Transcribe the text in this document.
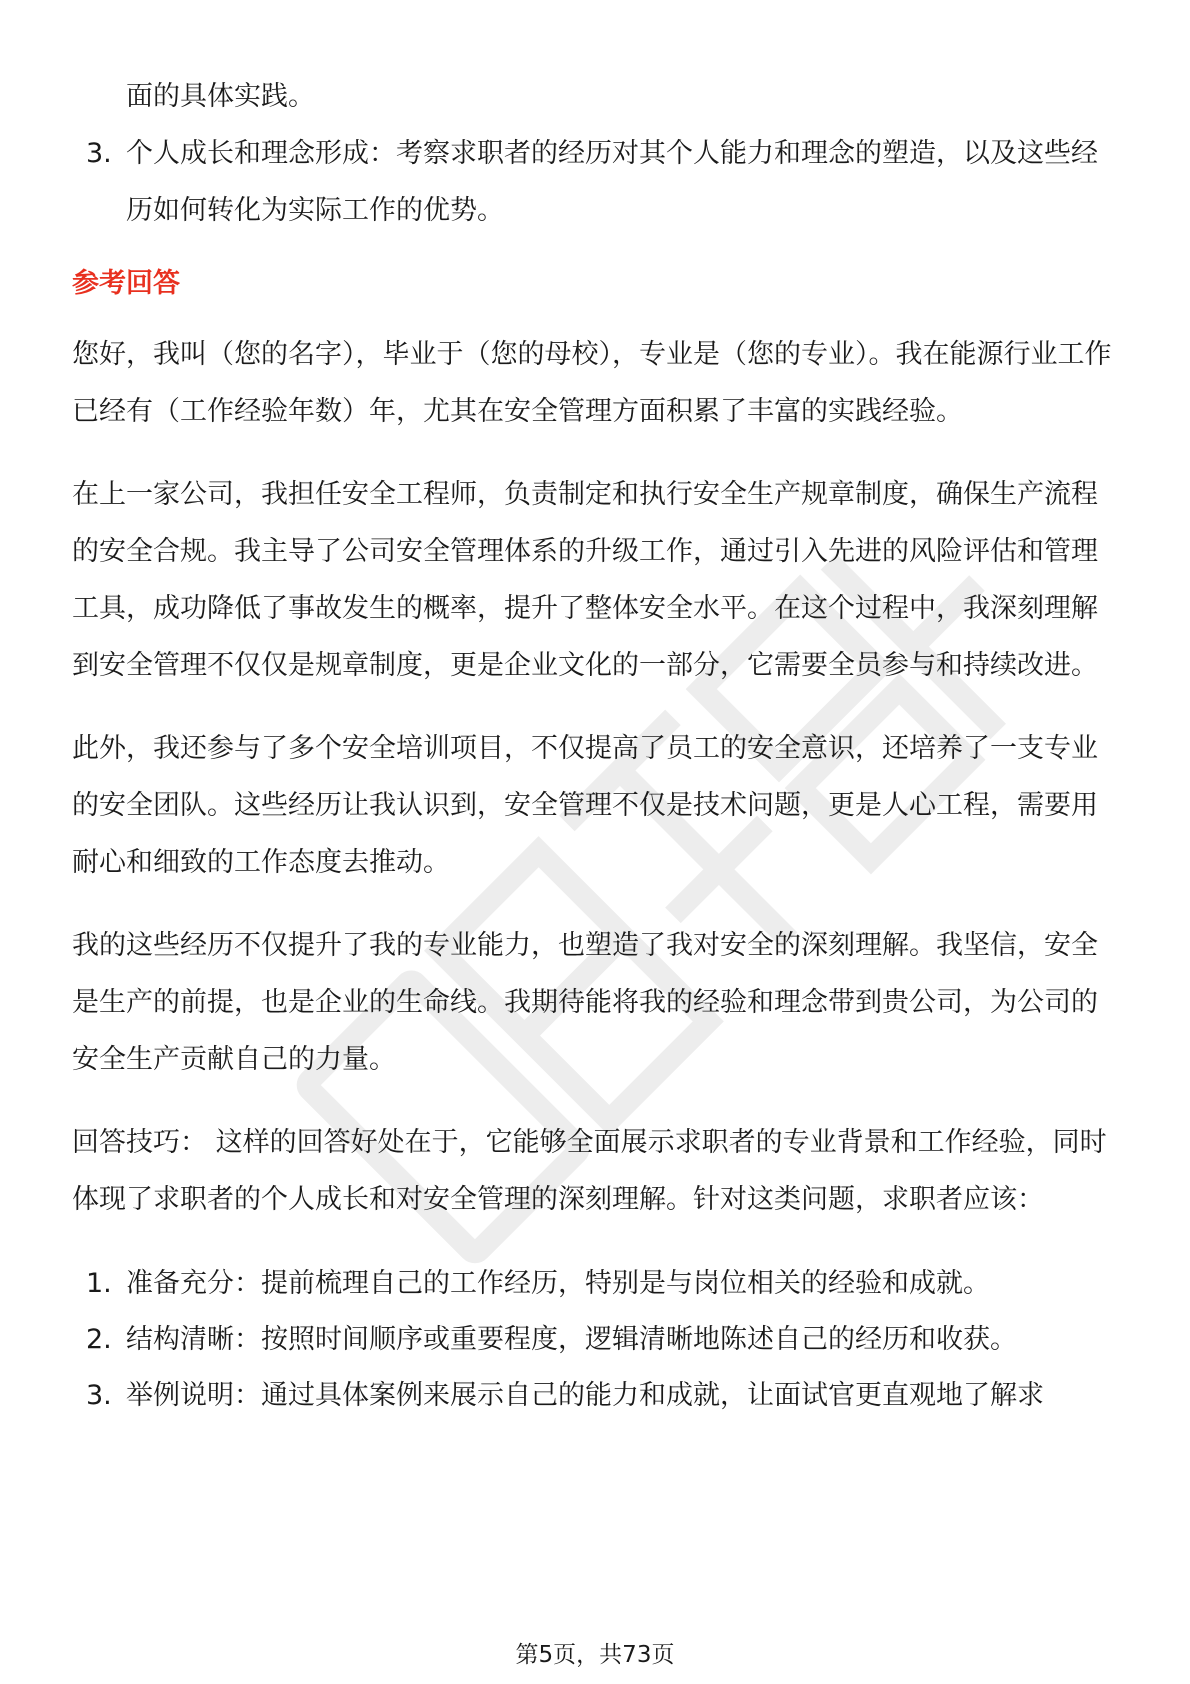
面的具体实践。
3. 个人成长和理念形成：考察求职者的经历对其个人能力和理念的塑造，以及这些经历如何转化为实际工作的优势。
参考回答

您好，我叫（您的名字），毕业于（您的母校），专业是（您的专业）。我在能源行业工作已经有（工作经验年数）年，尤其在安全管理方面积累了丰富的实践经验。

在上一家公司，我担任安全工程师，负责制定和执行安全生产规章制度，确保生产流程的安全合规。我主导了公司安全管理体系的升级工作，通过引入先进的风险评估和管理工具，成功降低了事故发生的概率，提升了整体安全水平。在这个过程中，我深刻理解到安全管理不仅仅是规章制度，更是企业文化的一部分，它需要全员参与和持续改进。

此外，我还参与了多个安全培训项目，不仅提高了员工的安全意识，还培养了一支专业的安全团队。这些经历让我认识到，安全管理不仅是技术问题，更是人心工程，需要用耐心和细致的工作态度去推动。

我的这些经历不仅提升了我的专业能力，也塑造了我对安全的深刻理解。我坚信，安全是生产的前提，也是企业的生命线。我期待能将我的经验和理念带到贵公司，为公司的安全生产贡献自己的力量。

回答技巧： 这样的回答好处在于，它能够全面展示求职者的专业背景和工作经验，同时体现了求职者的个人成长和对安全管理的深刻理解。针对这类问题，求职者应该：

1. 准备充分：提前梳理自己的工作经历，特别是与岗位相关的经验和成就。
2. 结构清晰：按照时间顺序或重要程度，逻辑清晰地陈述自己的经历和收获。
3. 举例说明：通过具体案例来展示自己的能力和成就，让面试官更直观地了解求
第5页，共73页
